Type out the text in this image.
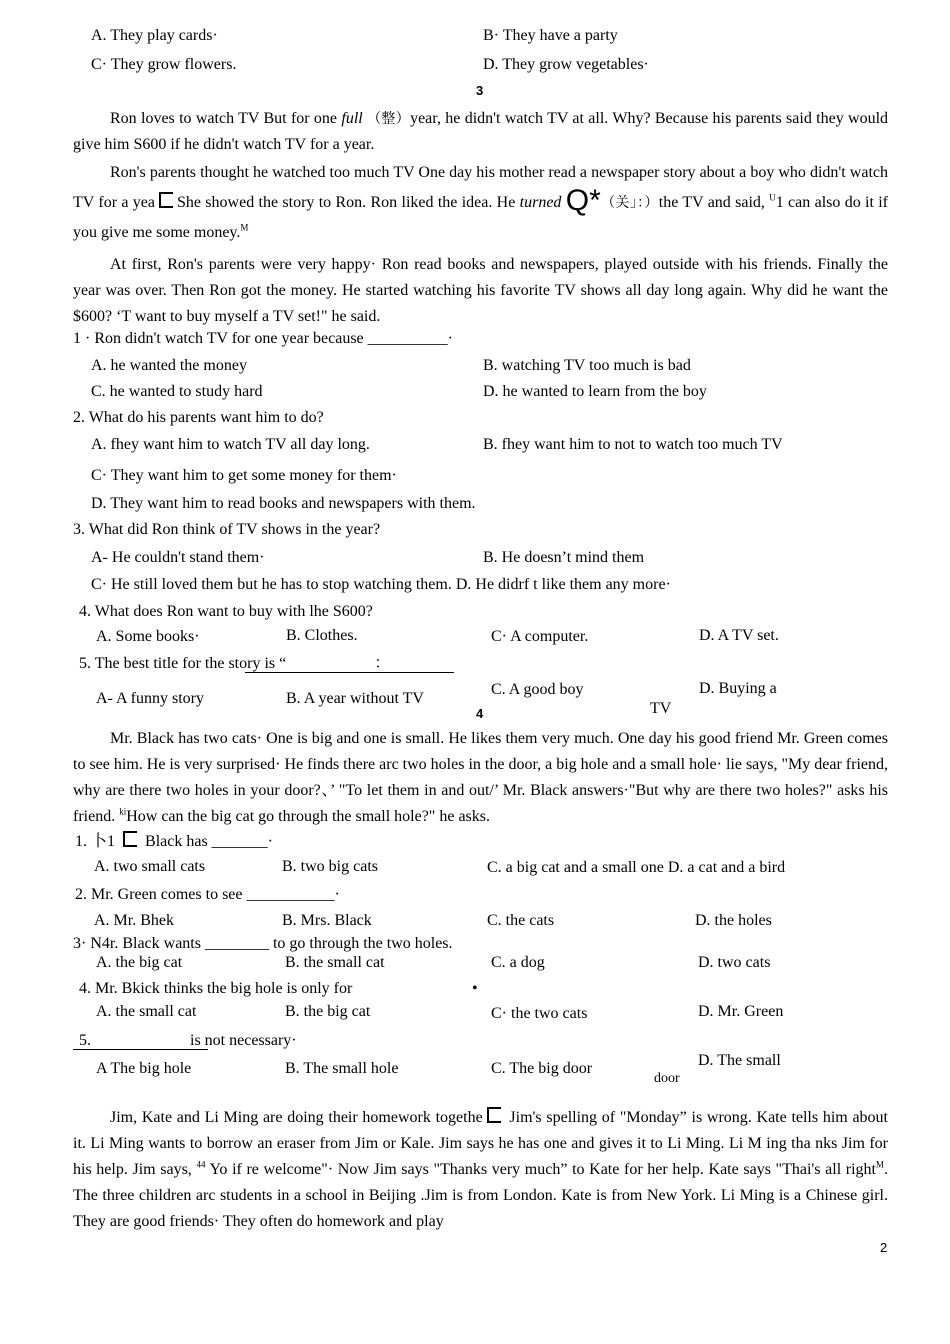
A. They play cards·	B· They have a party
C· They grow flowers.	D. They grow vegetables·
3

Ron loves to watch TV But for one full （整）year, he didn't watch TV at all. Why? Because his parents said they would give him S600 if he didn't watch TV for a year.

Ron's parents thought he watched too much TV One day his mother read a newspaper story about a boy who didn't watch TV for a yea She showed the story to Ron. Ron liked the idea. He turned Q*（关」：）the TV and said, $^U$1 can also do it if you give me some money.$^M$

At first, Ron's parents were very happy· Ron read books and newspapers, played outside with his friends. Finally the year was over. Then Ron got the money. He started watching his favorite TV shows all day long again. Why did he want the $600? ‘T want to buy myself a TV set!" he said.

1 · Ron didn't watch TV for one year because __________·
A. he wanted the money	B. watching TV too much is bad
C. he wanted to study hard	D. he wanted to learn from the boy
2. What do his parents want him to do?
A. fhey want him to watch TV all day long.	B. fhey want him to not to watch too much TV
C· They want him to get some money for them·
D. They want him to read books and newspapers with them.
3. What did Ron think of TV shows in the year?
A- He couldn't stand them·	B. He doesn’t mind them
C· He still loved them but he has to stop watching them. D. He didrf t like them any more·
4. What does Ron want to buy with lhe S600?
A. Some books·	B. Clothes.	C· A computer.	D. A TV set.
5. The best title for the story is “	：
A- A funny story	B. A year without TV
C. A good boy	D. Buying a
TV
4

Mr. Black has two cats· One is big and one is small. He likes them very much. One day his good friend Mr. Green comes to see him. He is very surprised· He finds there arc two holes in the door, a big hole and a small hole· lie says, "My dear friend, why are there two holes in your door?、’ "To let them in and out/’ Mr. Black answers·"But why are there two holes?" asks his friend. $^{ki}$How can the big cat go through the small hole?" he asks.

1. 卜1  Black has _______·
A. two small cats	B. two big cats	C. a big cat and a small one D. a cat and a bird
2. Mr. Green comes to see ___________·
A. Mr. Bhek	B. Mrs. Black	C. the cats	D. the holes
3· N4r. Black wants ________ to go through the two holes.
A. the big cat	B. the small cat	C. a dog	D. two cats
4. Mr. Bkick thinks the big hole is only for	•
A. the small cat	B. the big cat	C· the two cats	D. Mr. Green
5.	is not necessary·
A The big hole	B. The small hole	C. The big door	D. The small
door

Jim, Kate and Li Ming are doing their homework togethe Jim's spelling of "Monday” is wrong. Kate tells him about it. Li Ming wants to borrow an eraser from Jim or Kale. Jim says he has one and gives it to Li Ming. Li M ing tha nks Jim for his help. Jim says, $^{44}$ Yo if re welcome"· Now Jim says "Thanks very much” to Kate for her help. Kate says "Thai's all right$^M$. The three children arc students in a school in Beijing .Jim is from London. Kate is from New York. Li Ming is a Chinese girl. They are good friends· They often do homework and play

2
